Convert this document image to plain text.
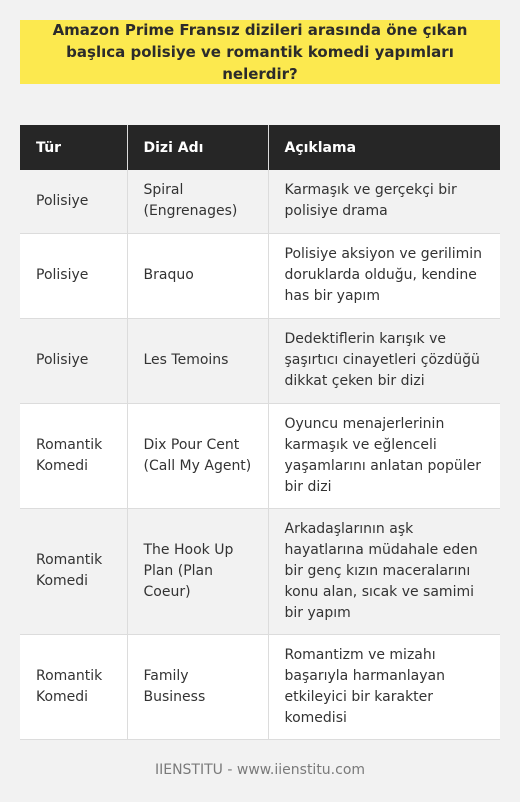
Amazon Prime Fransız dizileri arasında öne çıkan başlıca polisiye ve romantik komedi yapımları nelerdir?
Tür	Dizi Adı	Açıklama
Polisiye	Spiral (Engrenages)	Karmaşık ve gerçekçi bir polisiye drama
Polisiye	Braquo	Polisiye aksiyon ve gerilimin doruklarda olduğu, kendine has bir yapım
Polisiye	Les Temoins	Dedektiflerin karışık ve şaşırtıcı cinayetleri çözdüğü dikkat çeken bir dizi
Romantik Komedi	Dix Pour Cent (Call My Agent)	Oyuncu menajerlerinin karmaşık ve eğlenceli yaşamlarını anlatan popüler bir dizi
Romantik Komedi	The Hook Up Plan (Plan Coeur)	Arkadaşlarının aşk hayatlarına müdahale eden bir genç kızın maceralarını konu alan, sıcak ve samimi bir yapım
Romantik Komedi	Family Business	Romantizm ve mizahı başarıyla harmanlayan etkileyici bir karakter komedisi
IIENSTITU - www.iienstitu.com
